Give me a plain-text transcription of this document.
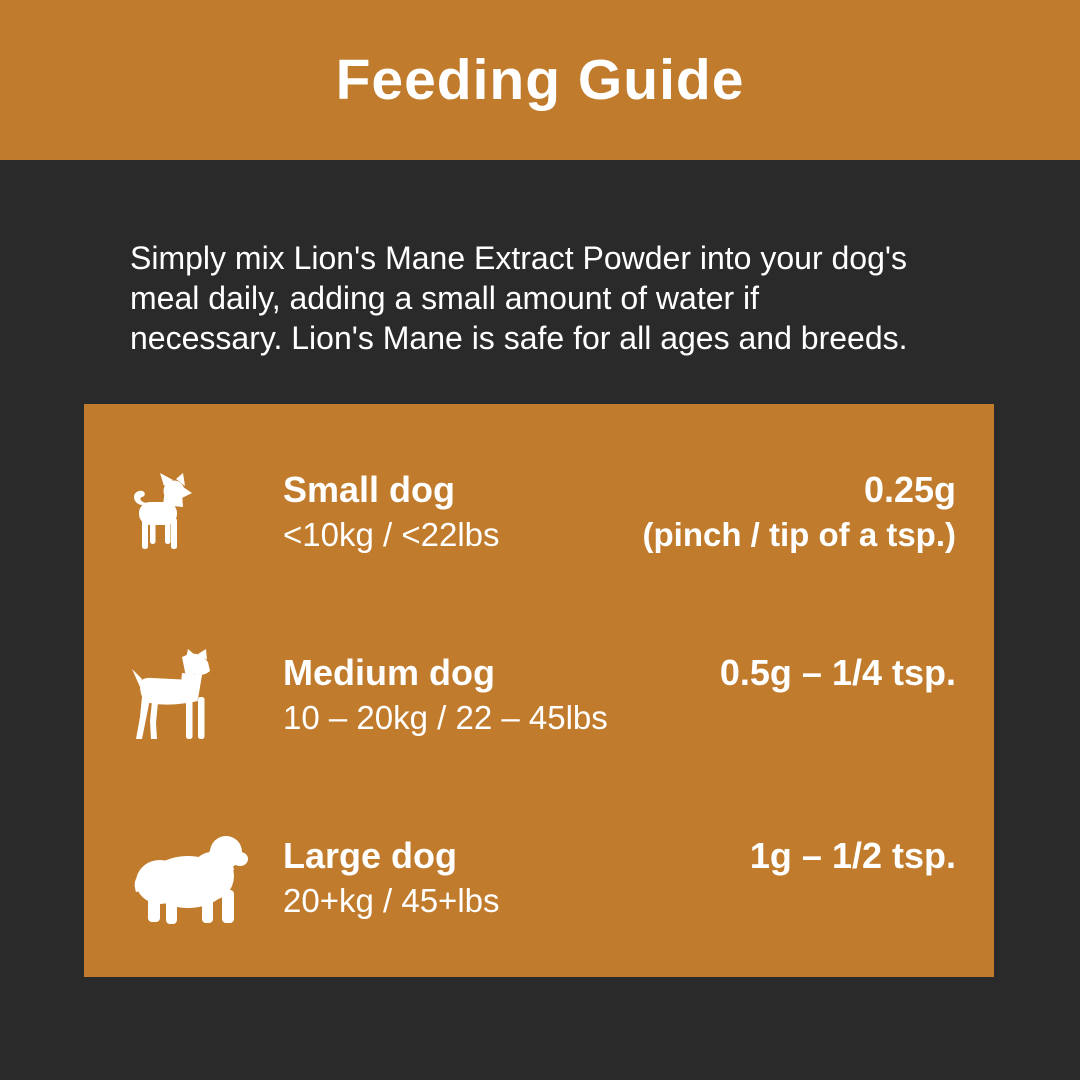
Feeding Guide
Simply mix Lion's Mane Extract Powder into your dog's
meal daily, adding a small amount of water if
necessary. Lion's Mane is safe for all ages and breeds.
Small dog
<10kg / <22lbs
0.25g
(pinch / tip of a tsp.)
Medium dog
10 – 20kg / 22 – 45lbs
0.5g – 1/4 tsp.
Large dog
20+kg / 45+lbs
1g – 1/2 tsp.
